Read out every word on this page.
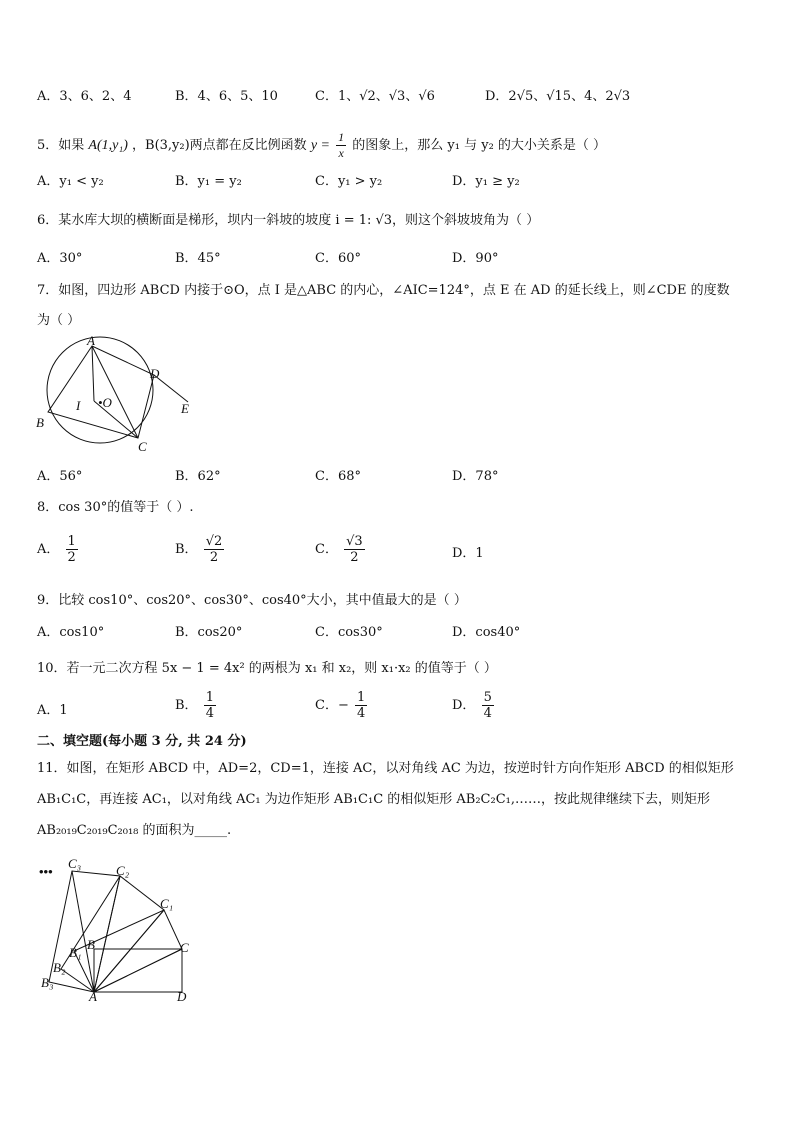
A．3、6、2、4	B．4、6、5、10	C．1、√2、√3、√6	D．2√5、√15、4、2√3
5．如果 A(1,y₁) ，B(3,y₂)两点都在反比例函数 $y = \frac{1}{x}$ 的图象上，那么 y₁ 与 y₂ 的大小关系是（ ）
A．y₁ < y₂	B．y₁ = y₂	C．y₁ > y₂	D．y₁ ≥ y₂
6．某水库大坝的横断面是梯形，坝内一斜坡的坡度 i = 1: √3，则这个斜坡坡角为（ ）
A．30°	B．45°	C．60°	D．90°
7．如图，四边形 ABCD 内接于⊙O，点 I 是△ABC 的内心，∠AIC=124°，点 E 在 AD 的延长线上，则∠CDE 的度数
为（ ）
A
B
C
D
E
I •O
A．56°	B．62°	C．68°	D．78°
8．cos 30°的值等于（ ）.
A． $\frac{1}{2}$	B． $\frac{√2}{2}$	C． $\frac{√3}{2}$	D．1
9．比较 cos10°、cos20°、cos30°、cos40°大小，其中值最大的是（ ）
A．cos10°	B．cos20°	C．cos30°	D．cos40°
10．若一元二次方程 5x − 1 = 4x² 的两根为 x₁ 和 x₂，则 x₁·x₂ 的值等于（ ）
A．1	B． $\frac{1}{4}$	C．− $\frac{1}{4}$	D． $\frac{5}{4}$
二、填空题(每小题 3 分, 共 24 分)
11．如图，在矩形 ABCD 中，AD=2，CD=1，连接 AC，以对角线 AC 为边，按逆时针方向作矩形 ABCD 的相似矩形
AB₁C₁C，再连接 AC₁，以对角线 AC₁ 为边作矩形 AB₁C₁C 的相似矩形 AB₂C₂C₁,……，按此规律继续下去，则矩形
AB₂₀₁₉C₂₀₁₉C₂₀₁₈ 的面积为_____.
•••
C₃	C₂
C₁
C
B
B₁
B₂
B₃
A	D
